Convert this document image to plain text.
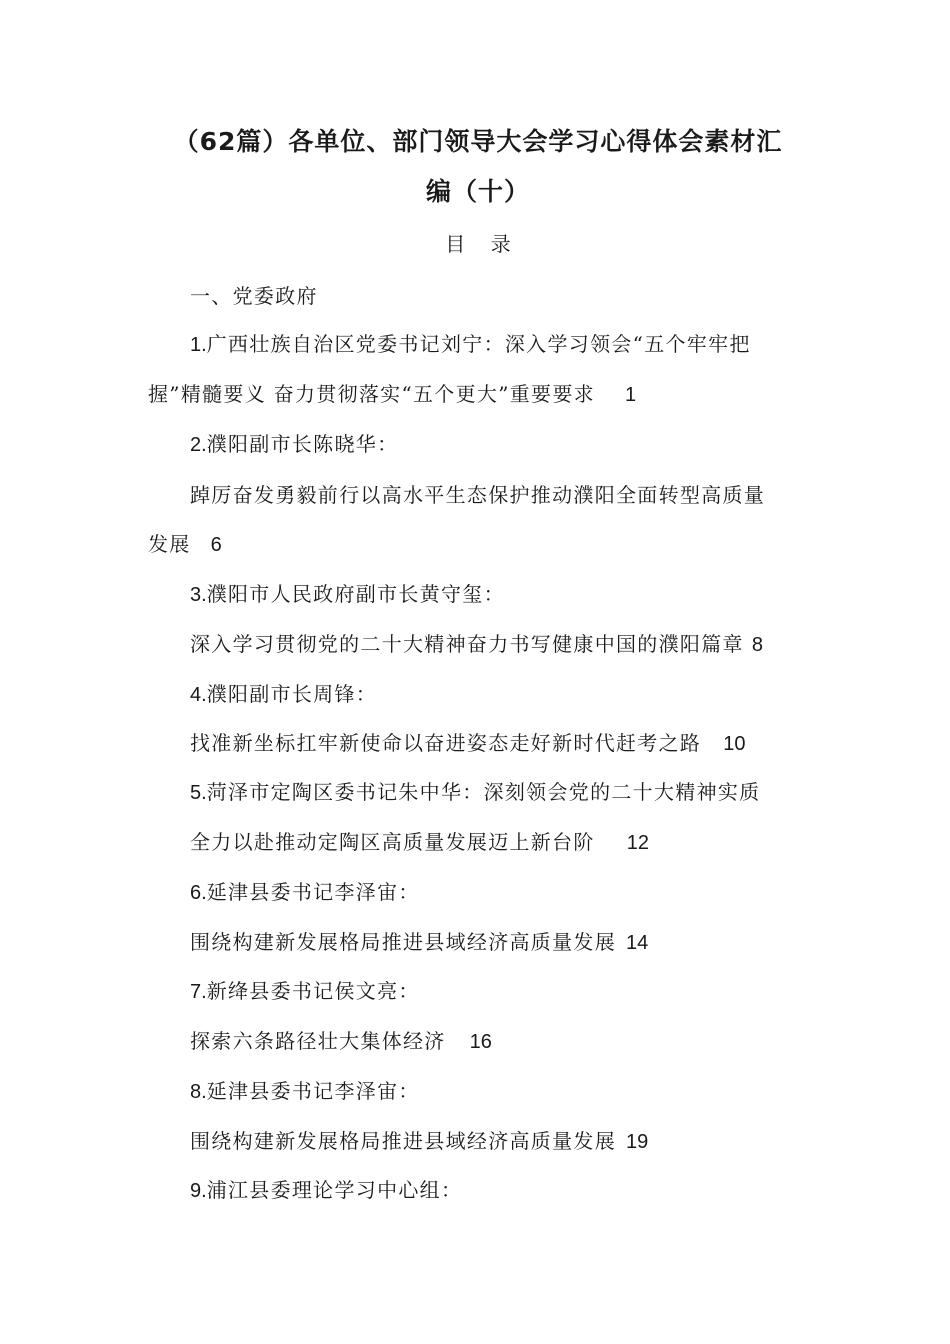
（62篇）各单位、部门领导大会学习心得体会素材汇
编（十）
目    录
一、党委政府
1.广西壮族自治区党委书记刘宁：深入学习领会“五个牢牢把
握”精髓要义 奋力贯彻落实“五个更大”重要要求 1
2.濮阳副市长陈晓华：
踔厉奋发勇毅前行以高水平生态保护推动濮阳全面转型高质量
发展 6
3.濮阳市人民政府副市长黄守玺：
深入学习贯彻党的二十大精神奋力书写健康中国的濮阳篇章 8
4.濮阳副市长周锋：
找准新坐标扛牢新使命以奋进姿态走好新时代赶考之路 10
5.菏泽市定陶区委书记朱中华：深刻领会党的二十大精神实质
全力以赴推动定陶区高质量发展迈上新台阶 12
6.延津县委书记李泽宙：
围绕构建新发展格局推进县域经济高质量发展 14
7.新绛县委书记侯文亮：
探索六条路径壮大集体经济 16
8.延津县委书记李泽宙：
围绕构建新发展格局推进县域经济高质量发展 19
9.浦江县委理论学习中心组：
